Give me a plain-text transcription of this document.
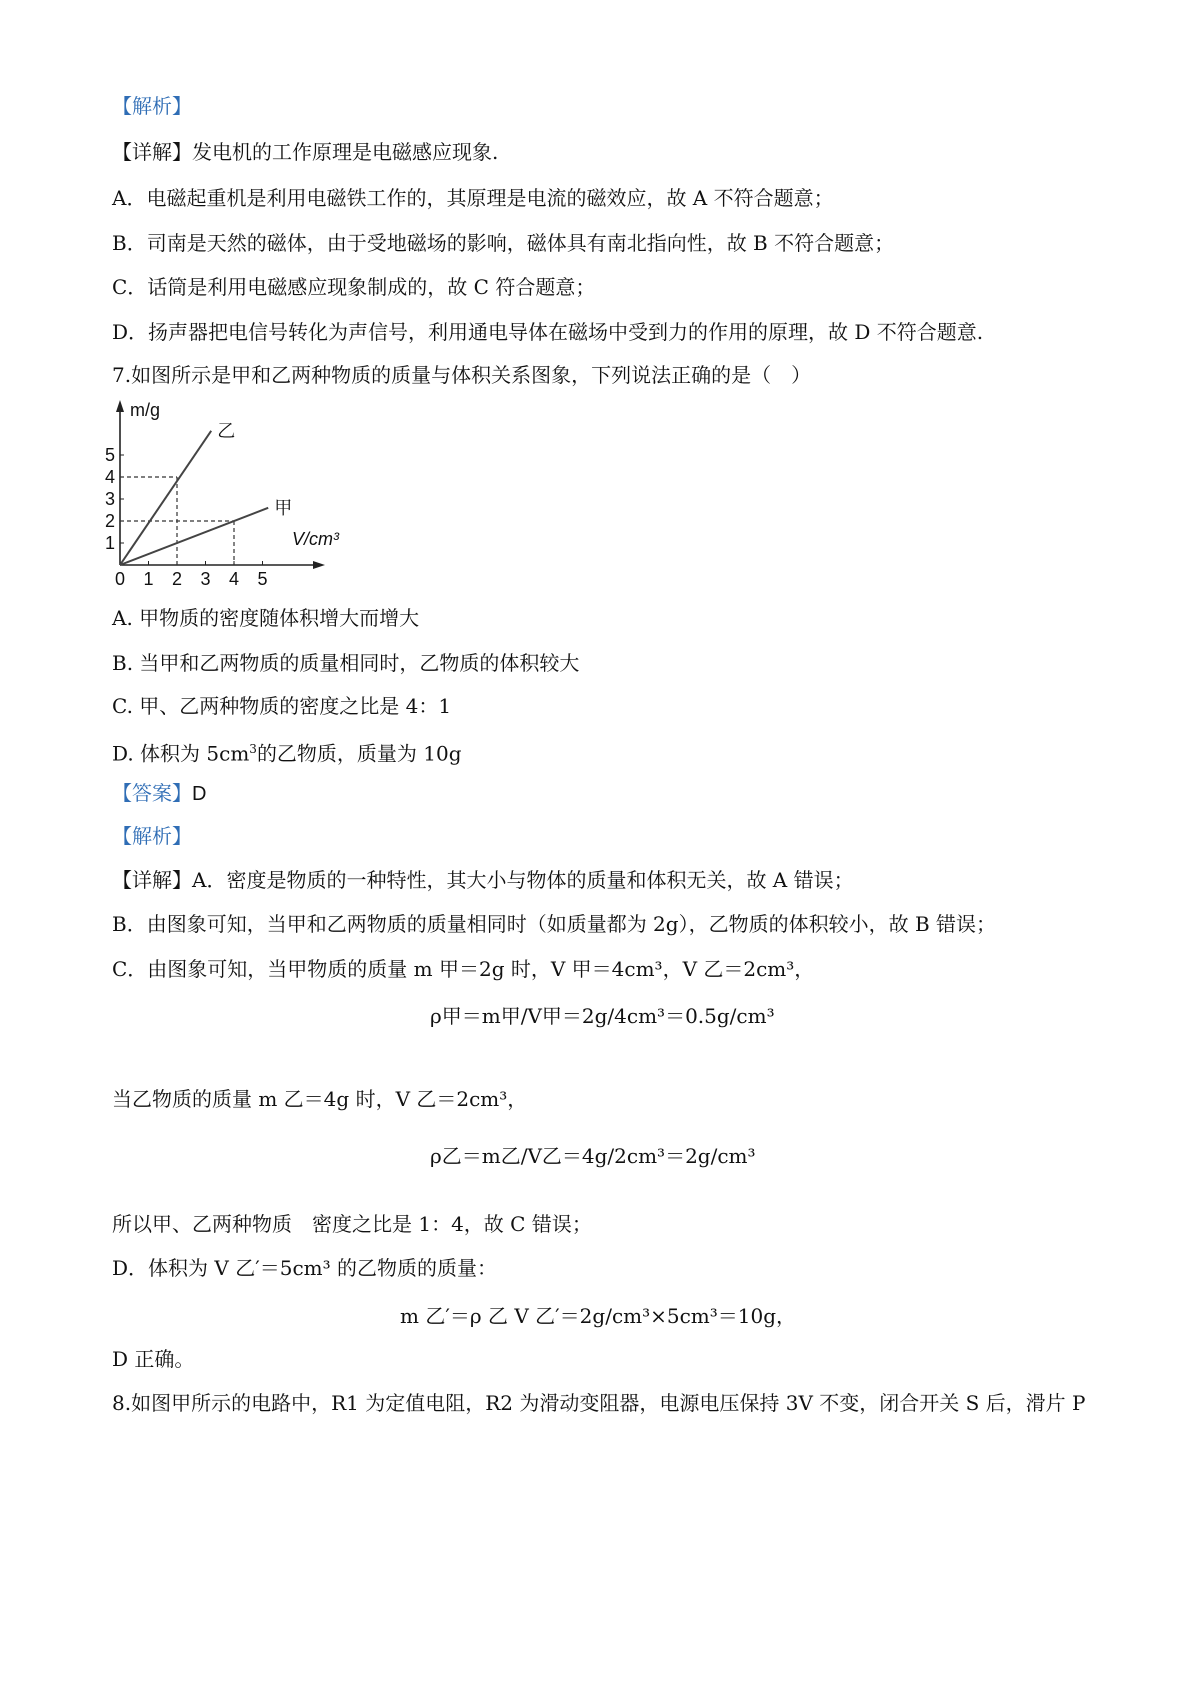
【解析】
【详解】发电机的工作原理是电磁感应现象.
A．电磁起重机是利用电磁铁工作的，其原理是电流的磁效应，故 A 不符合题意；
B．司南是天然的磁体，由于受地磁场的影响，磁体具有南北指向性，故 B 不符合题意；
C．话筒是利用电磁感应现象制成的，故 C 符合题意；
D．扬声器把电信号转化为声信号，利用通电导体在磁场中受到力的作用的原理，故 D 不符合题意.
7.如图所示是甲和乙两种物质的质量与体积关系图象，下列说法正确的是（　）
m/g
V/cm³
0 1 2 3 4 5
1
2
3
4
5
甲
乙
A. 甲物质的密度随体积增大而增大
B. 当甲和乙两物质的质量相同时，乙物质的体积较大
C. 甲、乙两种物质的密度之比是 4：1
D. 体积为 $5cm^3$的乙物质，质量为 10g
【答案】D
【解析】
【详解】A．密度是物质的一种特性，其大小与物体的质量和体积无关，故 A 错误；
B．由图象可知，当甲和乙两物质的质量相同时（如质量都为 2g），乙物质的体积较小，故 B 错误；
C．由图象可知，当甲物质的质量 m 甲＝2g 时，V 甲＝4cm³，V 乙＝2cm³，
ρ甲＝m甲/V甲＝2g/4cm³＝0.5g/cm³
当乙物质的质量 m 乙＝4g 时，V 乙＝2cm³，
ρ乙＝m乙/V乙＝4g/2cm³＝2g/cm³
所以甲、乙两种物质　密度之比是 1：4，故 C 错误；
D．体积为 V 乙′＝5cm³ 的乙物质的质量：
m 乙′＝ρ 乙 V 乙′＝2g/cm³×5cm³＝10g，
D 正确。
8.如图甲所示的电路中，R1 为定值电阻，R2 为滑动变阻器，电源电压保持 3V 不变，闭合开关 S 后，滑片 P
